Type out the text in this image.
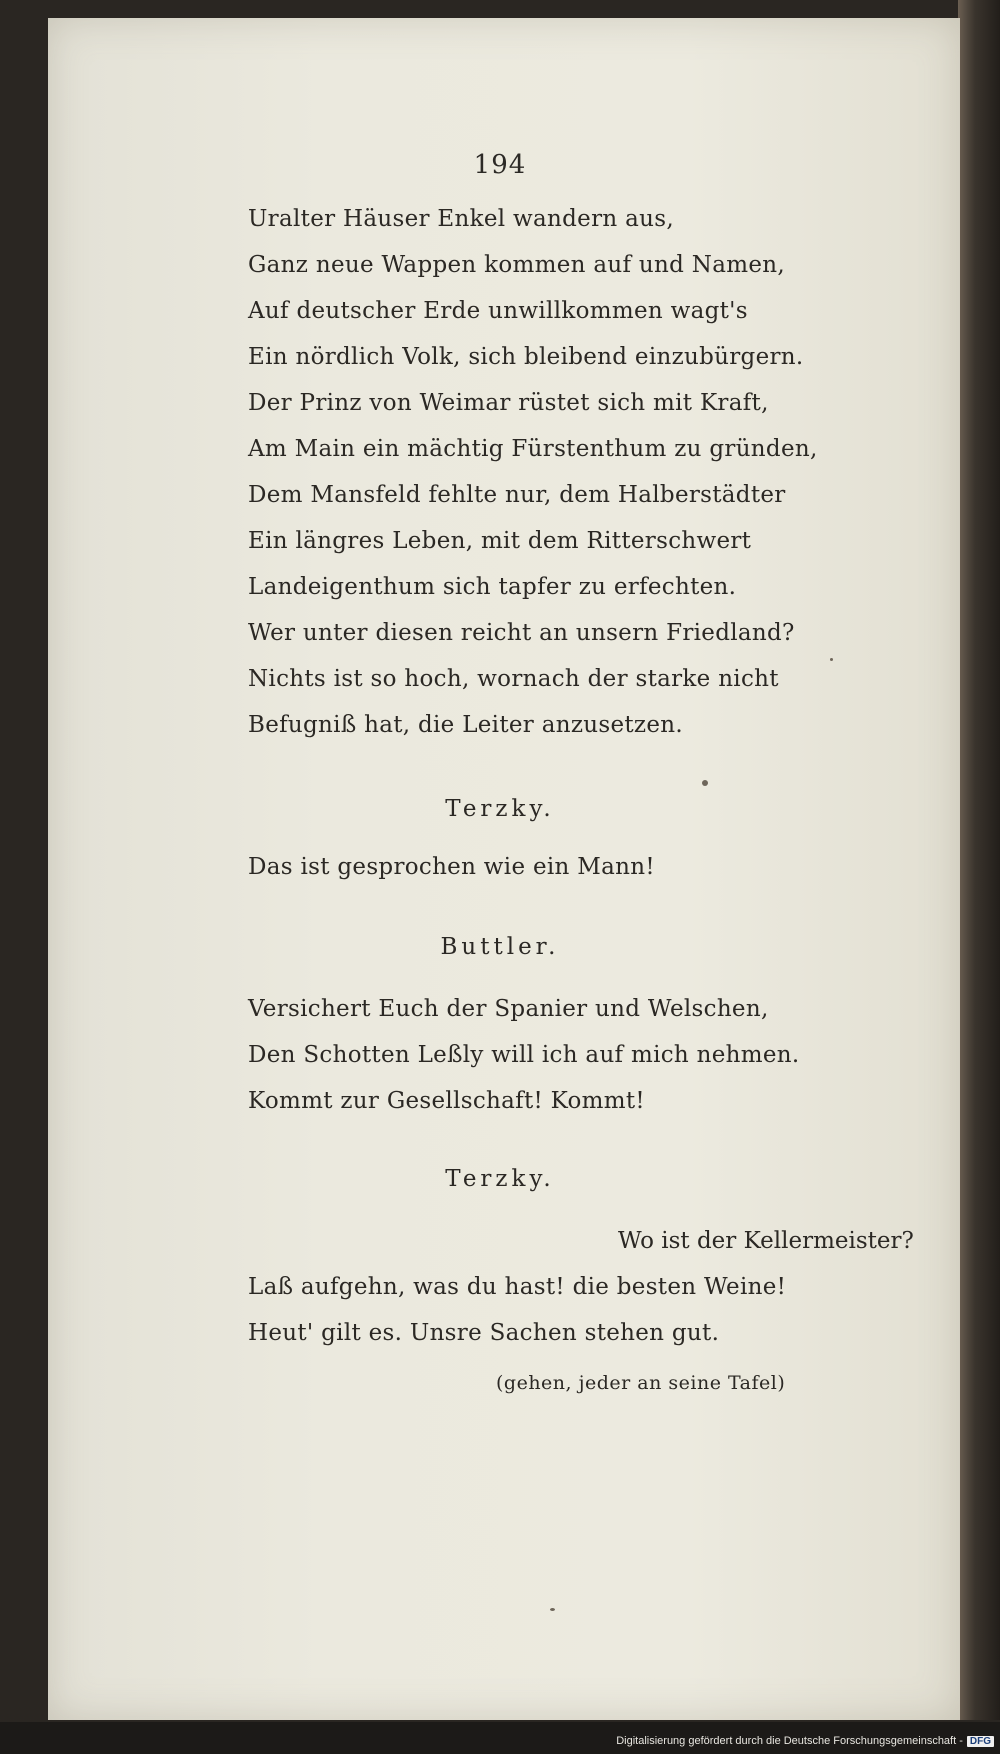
194
Uralter Häuser Enkel wandern aus,
Ganz neue Wappen kommen auf und Namen,
Auf deutscher Erde unwillkommen wagt's
Ein nördlich Volk, sich bleibend einzubürgern.
Der Prinz von Weimar rüstet sich mit Kraft,
Am Main ein mächtig Fürstenthum zu gründen,
Dem Mansfeld fehlte nur, dem Halberstädter
Ein längres Leben, mit dem Ritterschwert
Landeigenthum sich tapfer zu erfechten.
Wer unter diesen reicht an unsern Friedland?
Nichts ist so hoch, wornach der starke nicht
Befugniß hat, die Leiter anzusetzen.
Terzky.
Das ist gesprochen wie ein Mann!
Buttler.
Versichert Euch der Spanier und Welschen,
Den Schotten Leßly will ich auf mich nehmen.
Kommt zur Gesellschaft! Kommt!
Terzky.
Wo ist der Kellermeister?
Laß aufgehn, was du hast! die besten Weine!
Heut' gilt es. Unsre Sachen stehen gut.
(gehen, jeder an seine Tafel)
Digitalisierung gefördert durch die Deutsche Forschungsgemeinschaft - DFG
